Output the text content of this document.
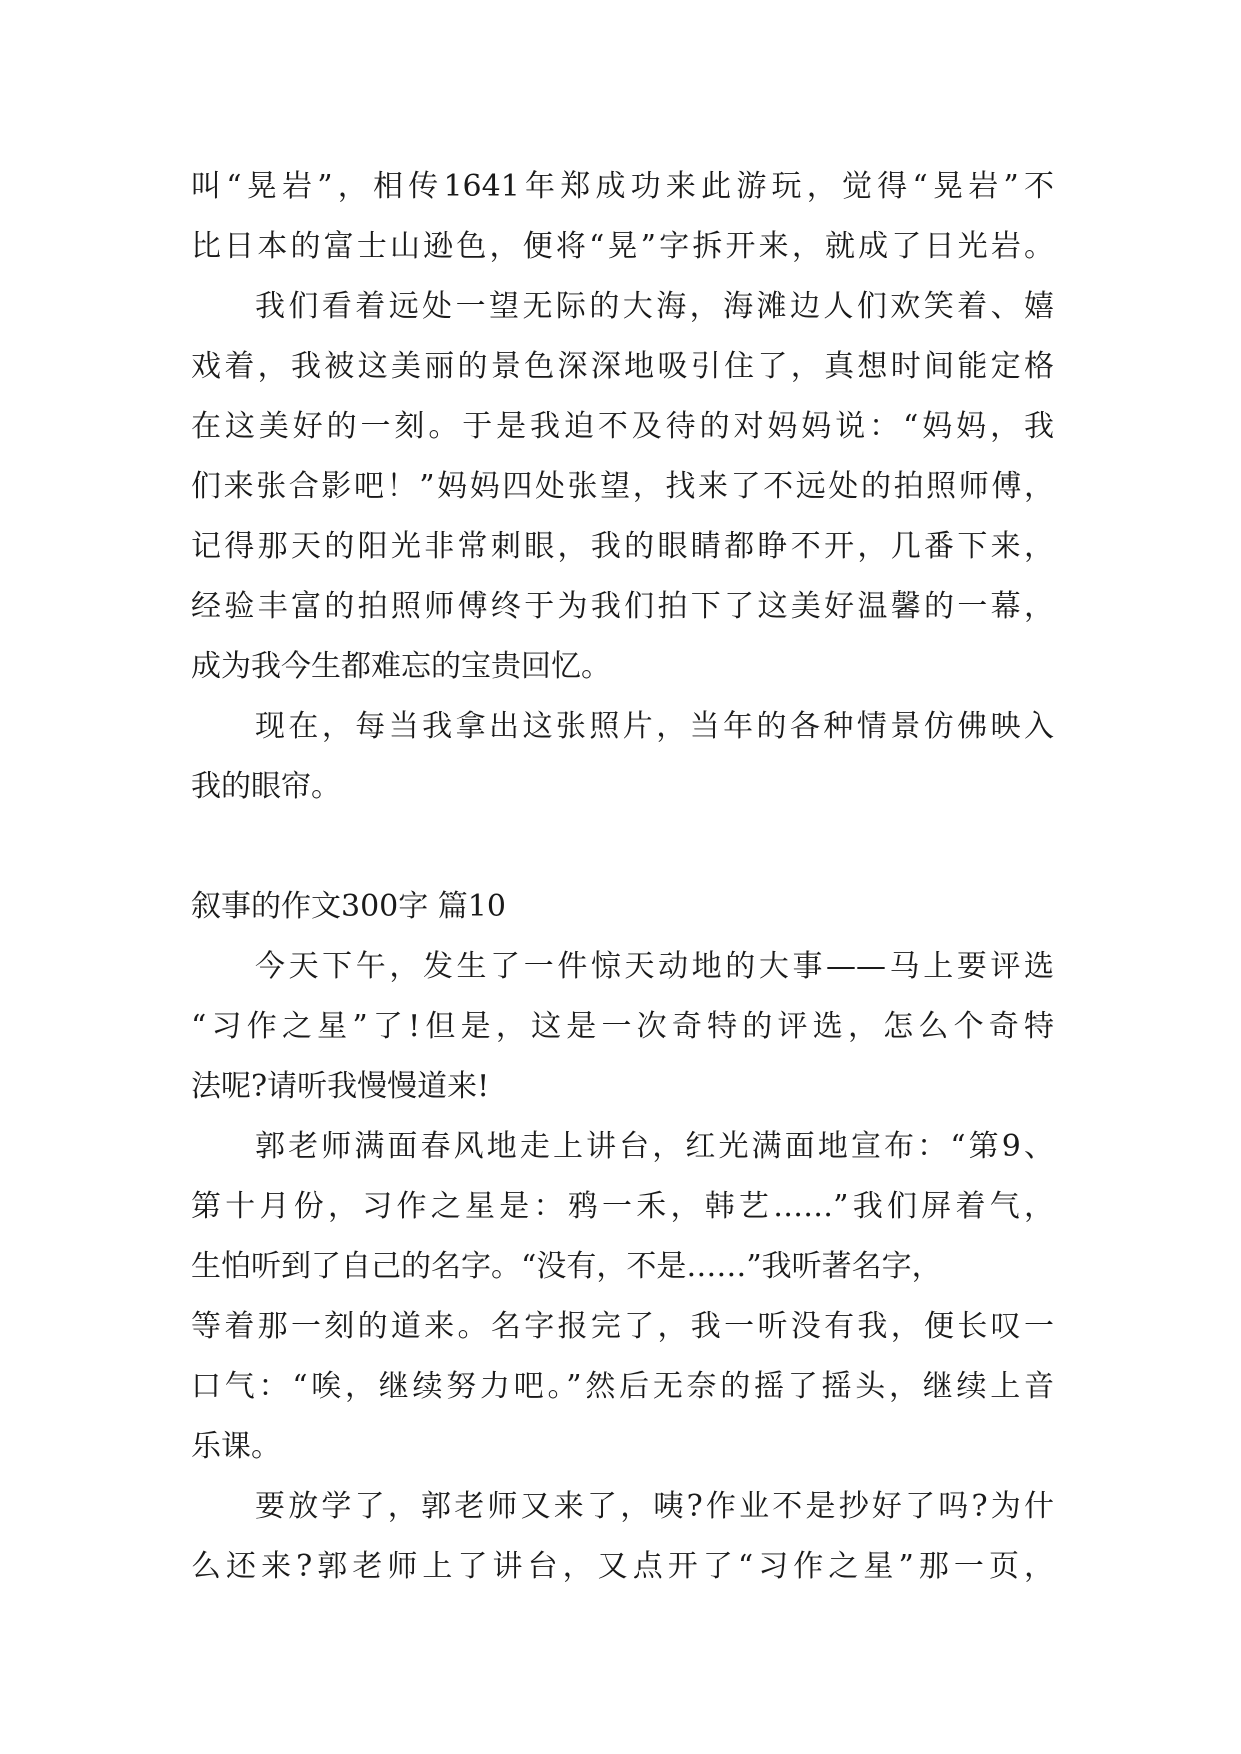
叫“晃岩”，相传1641年郑成功来此游玩，觉得“晃岩”不
比日本的富士山逊色，便将“晃”字拆开来，就成了日光岩。
我们看着远处一望无际的大海，海滩边人们欢笑着、嬉
戏着，我被这美丽的景色深深地吸引住了，真想时间能定格
在这美好的一刻。于是我迫不及待的对妈妈说：“妈妈，我
们来张合影吧！”妈妈四处张望，找来了不远处的拍照师傅，
记得那天的阳光非常刺眼，我的眼睛都睁不开，几番下来，
经验丰富的拍照师傅终于为我们拍下了这美好温馨的一幕，
成为我今生都难忘的宝贵回忆。
现在，每当我拿出这张照片，当年的各种情景仿佛映入
我的眼帘。
叙事的作文300字 篇10
今天下午，发生了一件惊天动地的大事——马上要评选
“习作之星”了!但是，这是一次奇特的评选，怎么个奇特
法呢?请听我慢慢道来!
郭老师满面春风地走上讲台，红光满面地宣布：“第9、
第十月份，习作之星是：鸦一禾，韩艺……”我们屏着气，
生怕听到了自己的名字。“没有，不是……”我听著名字，
等着那一刻的道来。名字报完了，我一听没有我，便长叹一
口气：“唉，继续努力吧。”然后无奈的摇了摇头，继续上音
乐课。
要放学了，郭老师又来了，咦?作业不是抄好了吗?为什
么还来?郭老师上了讲台，又点开了“习作之星”那一页，
